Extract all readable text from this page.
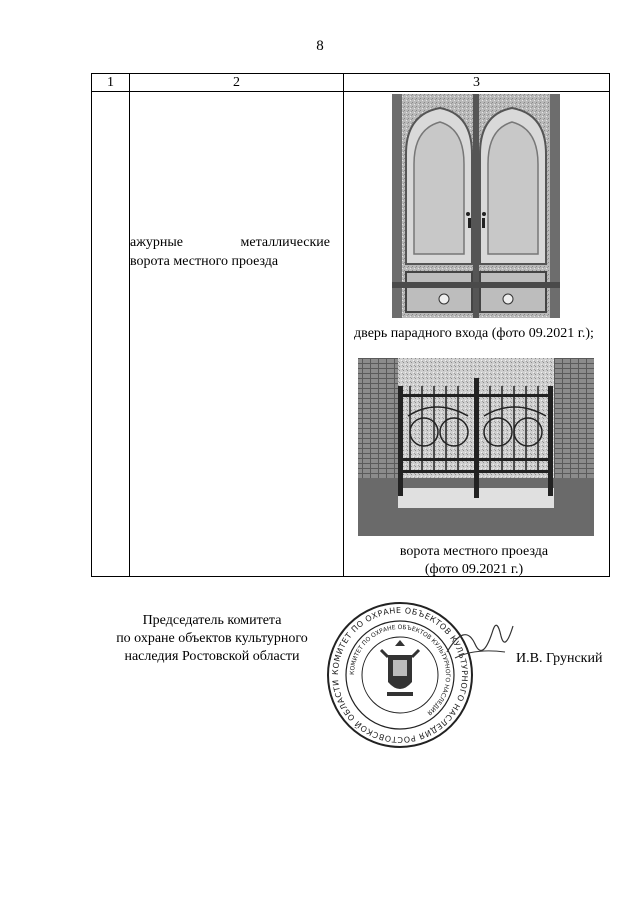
8
1	2	3

ажурные	металлические
ворота местного проезда
дверь парадного входа (фото 09.2021 г.);
ворота местного проезда
(фото 09.2021 г.)
Председатель комитета
по охране объектов культурного
наследия Ростовской области
КОМИТЕТ ПО ОХРАНЕ ОБЪЕКТОВ КУЛЬТУРНОГО НАСЛЕДИЯ РОСТОВСКОЙ ОБЛАСТИ
КОМИТЕТ ПО ОХРАНЕ ОБЪЕКТОВ КУЛЬТУРНОГО НАСЛЕДИЯ
И.В. Грунский
